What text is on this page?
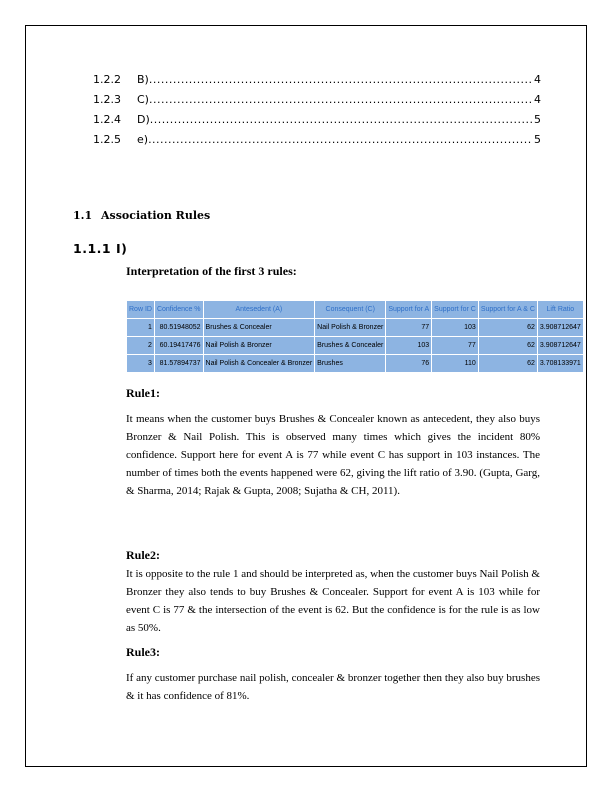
1.2.2	B) .....	4
1.2.3	C) .....	4
1.2.4	D) .....	5
1.2.5	e) .....	5
1.1 Association Rules
1.1.1 I)
Interpretation of the first 3 rules:
Row ID	Confidence %	Antesedent (A)	Consequent (C)	Support for A	Support for C	Support for A & C	Lift Ratio
1	80.51948052	Brushes & Concealer	Nail Polish & Bronzer	77	103	62	3.908712647
2	60.19417476	Nail Polish & Bronzer	Brushes & Concealer	103	77	62	3.908712647
3	81.57894737	Nail Polish & Concealer & Bronzer	Brushes	76	110	62	3.708133971
Rule1:

It means when the customer buys Brushes & Concealer known as antecedent, they also buys Bronzer & Nail Polish. This is observed many times which gives the incident 80% confidence. Support here for event A is 77 while event C has support in 103 instances. The number of times both the events happened were 62, giving the lift ratio of 3.90. (Gupta, Garg, & Sharma, 2014; Rajak & Gupta, 2008; Sujatha & CH, 2011).

Rule2:

It is opposite to the rule 1 and should be interpreted as, when the customer buys Nail Polish & Bronzer they also tends to buy Brushes & Concealer. Support for event A is 103 while for event C is 77 & the intersection of the event is 62. But the confidence is for the rule is as low as 50%.

Rule3:

If any customer purchase nail polish, concealer & bronzer together then they also buy brushes & it has confidence of 81%.
